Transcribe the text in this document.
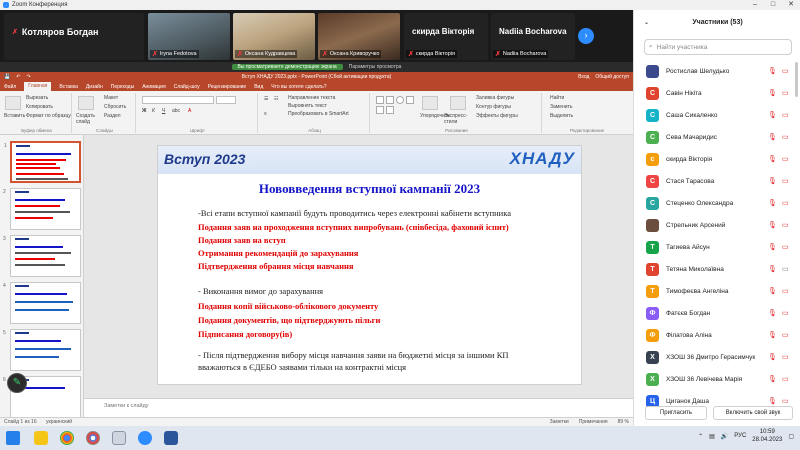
Zoom Конференция	–	□	✕
✗ Котляров Богдан
✗ Iryna Fedotova	✗ Оксана Кудравцева	✗ Оксана Криворучко
скирда Вікторія
✗ скирда Вікторія
Nadiia Bocharova
✗ Nadiia Bocharova
›
Вы просматриваете демонстрацию экрана	Параметры просмотра
💾 ↶ ↷	Вступ ХНАДУ 2023.pptx - PowerPoint (Сбой активации продукта)	Вход Общий доступ
Файл	Главная	Вставка Дизайн Переходы Анимация Слайд-шоу Рецензирование Вид Что вы хотите сделать?
Вставить
Вырезать
Копировать
Формат по образцу
Буфер обмена
Создать слайд
Макет
Сбросить
Раздел
Слайды
Ж К Ч abc A
Шрифт
☰ ☷ Направление текста
Выровнять текст
Преобразовать в SmartArt
≡
Абзац
Упорядочить
Экспресс-стили
Заливка фигуры
Контур фигуры
Эффекты фигуры
Рисование
Найти
Заменить
Выделить
Редактирование
1
2
3
4
5
6
Вступ 2023	ХНАДУ
Нововведення вступної кампанії 2023
-Всі етапи вступної кампанії будуть проводитись через електронні кабінети вступника
Подання заяв на проходження вступних випробувань (співбесіда, фаховий іспит)
Подання заяв на вступ
Отримання рекомендацій до зарахування
Підтвердження обрання місця навчання
- Виконання вимог до зарахування
Подання копії військово-облікового документу
Подання документів, що підтверджують пільги
Підписання договору(ів)
- Після підтвердження вибору місця навчання заяви на бюджетні місця за іншими КП
вважаються в ЄДЕБО заявами тільки на контрактні місця
Заметки к слайду
Слайд 1 из 16 украинский	Заметки Примечания 89 %
✎
⌄	Участники (53)
⌕ Найти участника
Ростислав Шелудько	🎙 ▭
С	Савін Нікіта	🎙 ▭
С	Саша Сикаленко	🎙 ▭
С	Сева Мачаридис	🎙 ▭
с	скирда Вікторія	🎙 ▭
С	Стася Тарасова	🎙 ▭
С	Стеценко Олександра	🎙 ▭
Стрельник Арсений	🎙 ▭
Т	Тагиева Айсун	🎙 ▭
Т	Тетяна Миколаївна	🎙 ▭
Т	Тимофеєва Ангеліна	🎙 ▭
Ф	Фатєєв Богдан	🎙 ▭
Ф	Філатова Аліна	🎙 ▭
Х	ХЗОШ 36 Дмитро Герасимчук 🎙 ▭
Х	ХЗОШ 36 Левічева Марія	🎙 ▭
Ц	Циганок Даша	🎙 ▭
Пригласить	Включить свой звук
⌃ ▤ 🔊 РУС
10:59
28.04.2023
▢
